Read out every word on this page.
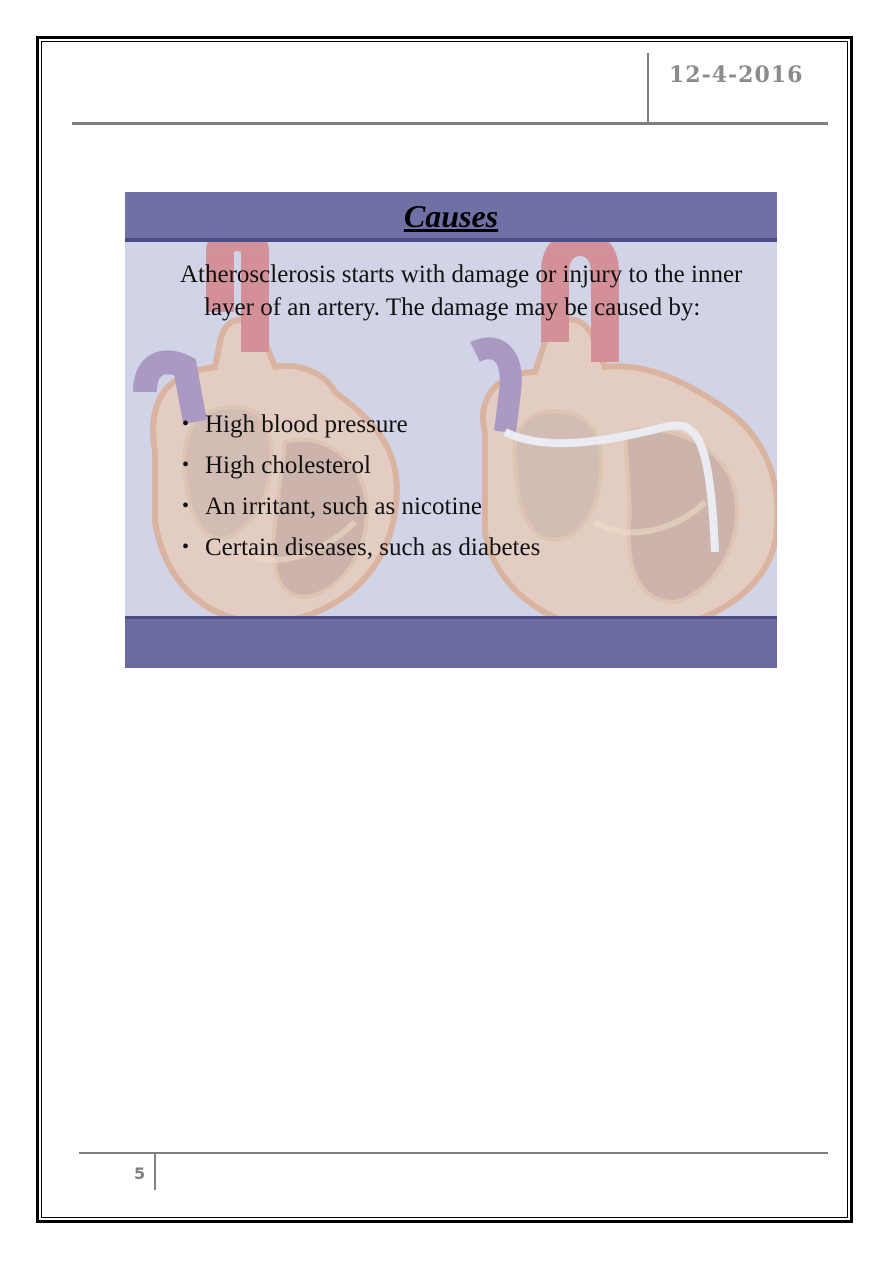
12-4-2016
Causes
Atherosclerosis starts with damage or injury to the inner layer of an artery. The damage may be caused by:
• High blood pressure
• High cholesterol
• An irritant, such as nicotine
• Certain diseases, such as diabetes
5
